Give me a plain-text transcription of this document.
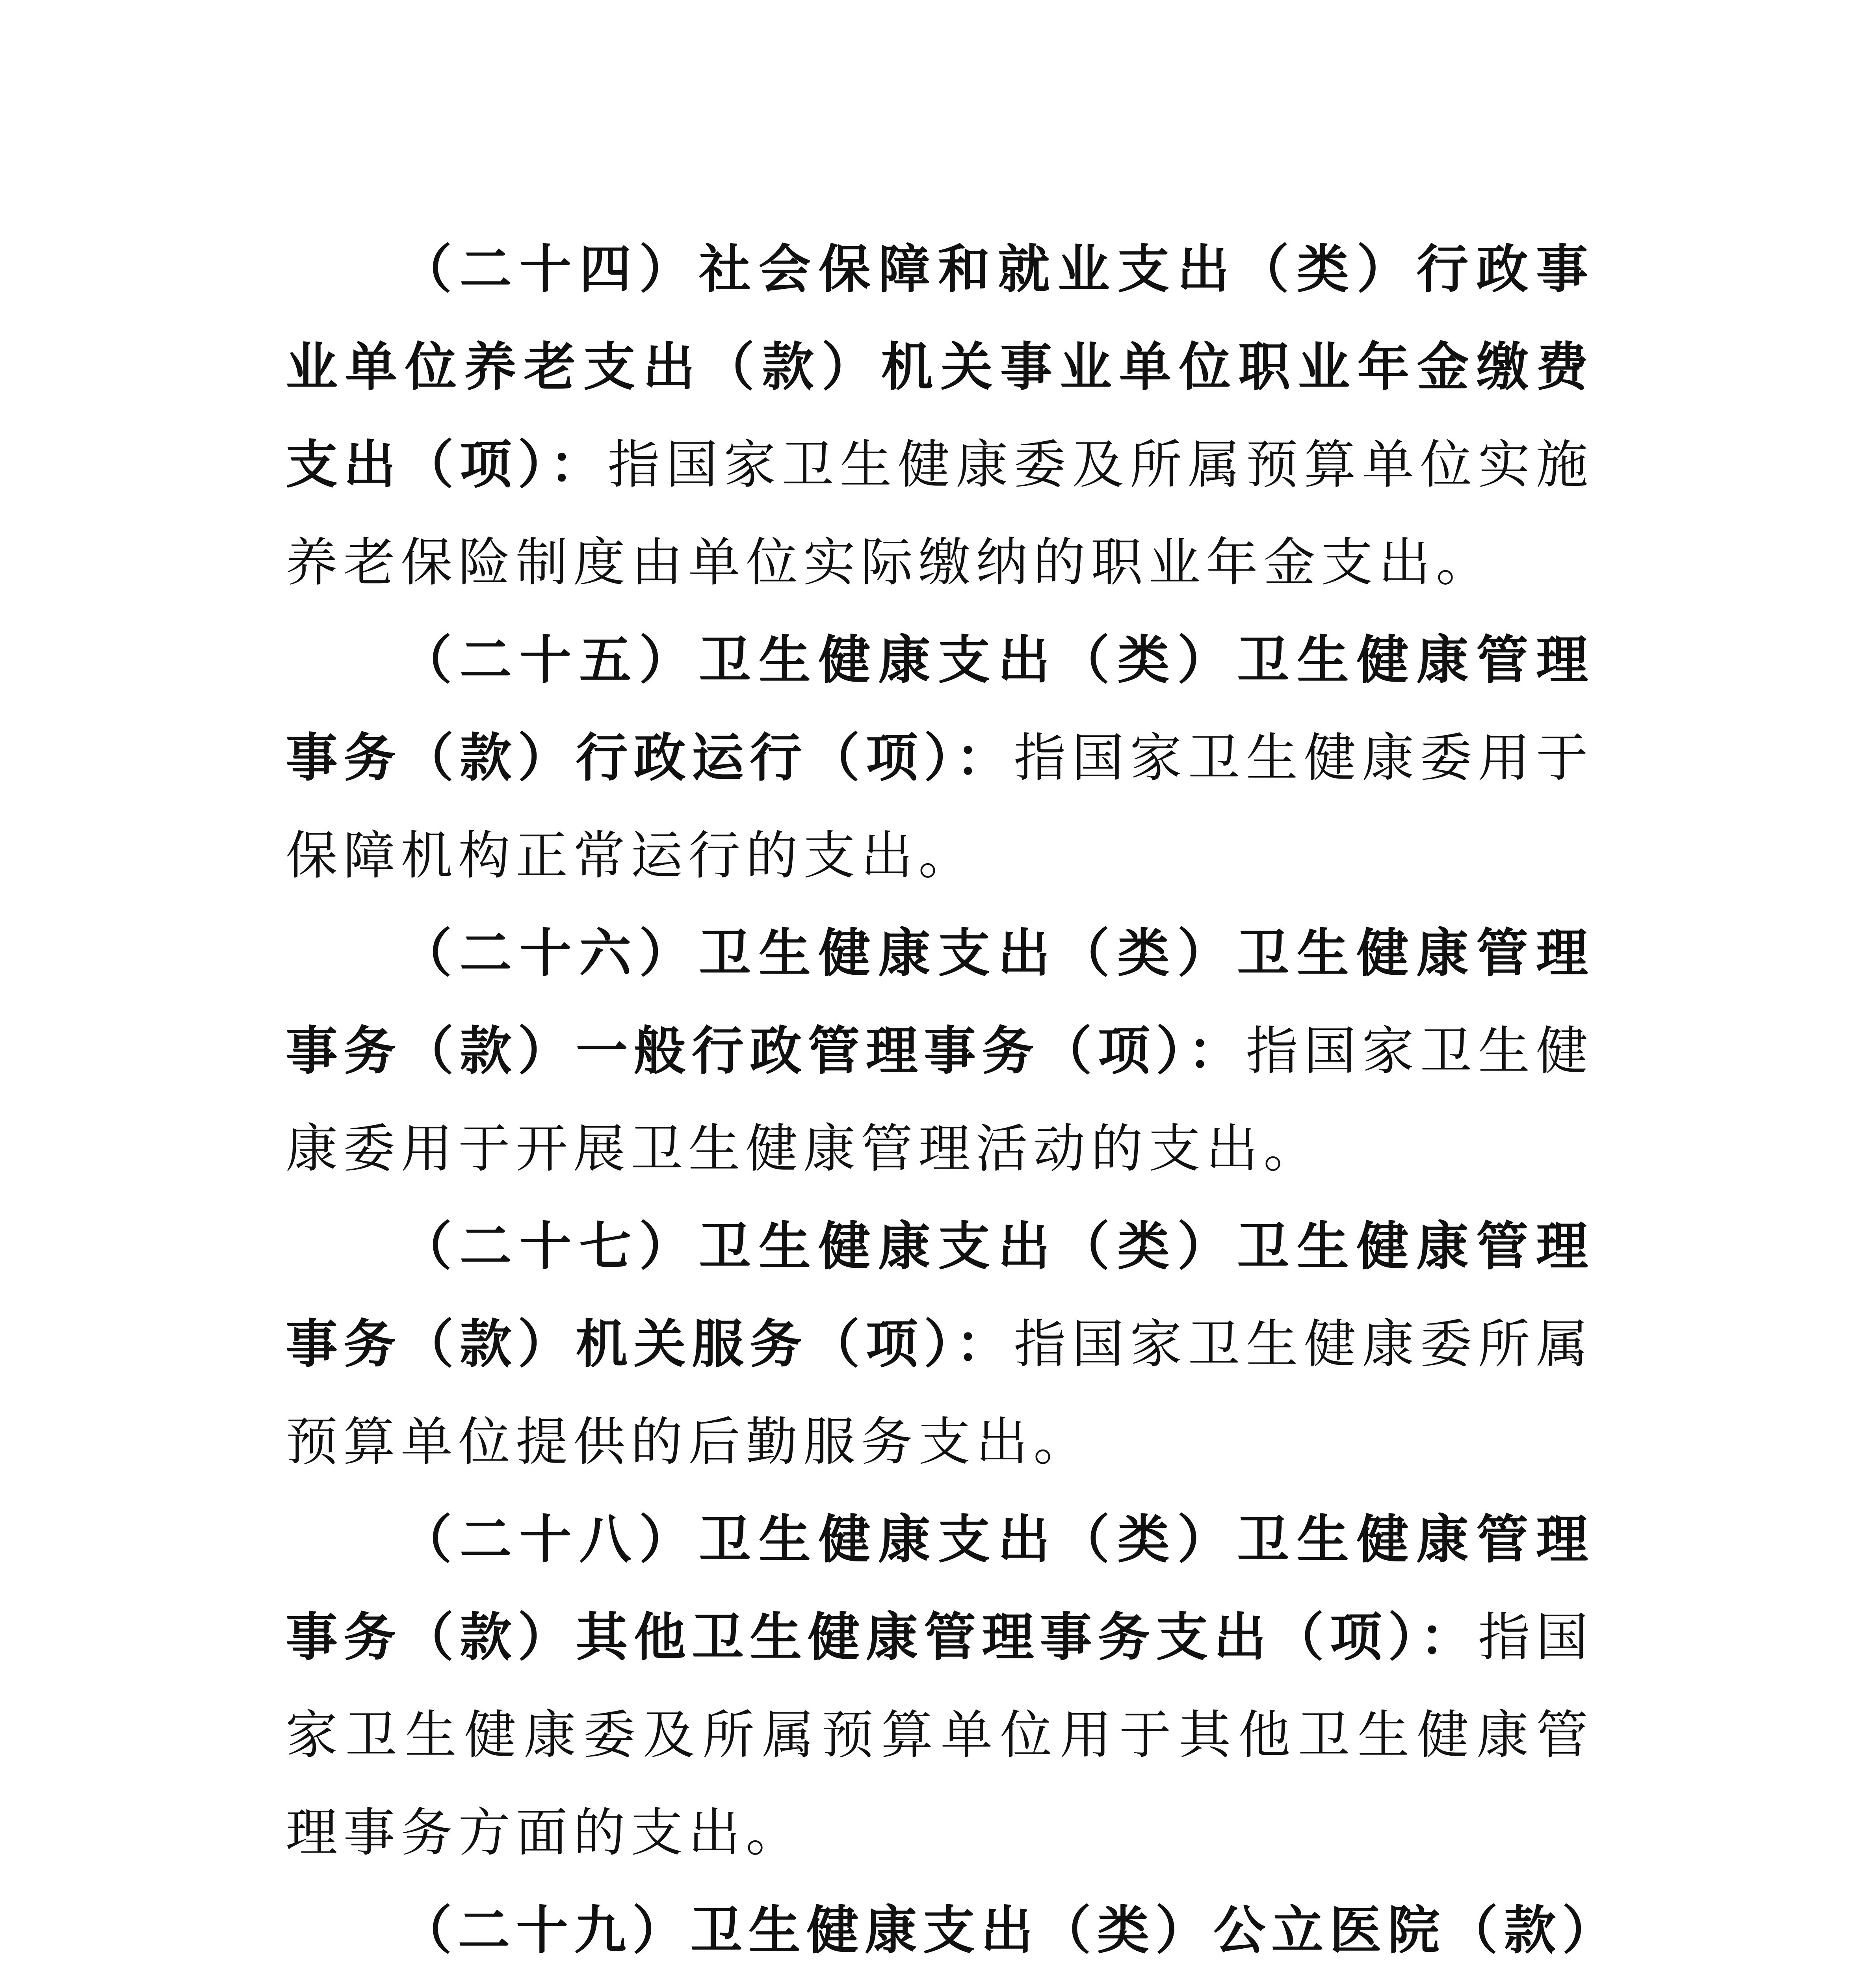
（二十四）社会保障和就业支出（类）行政事业单位养老支出（款）机关事业单位职业年金缴费支出（项）：指国家卫生健康委及所属预算单位实施养老保险制度由单位实际缴纳的职业年金支出。

（二十五）卫生健康支出（类）卫生健康管理事务（款）行政运行（项）：指国家卫生健康委用于保障机构正常运行的支出。

（二十六）卫生健康支出（类）卫生健康管理事务（款）一般行政管理事务（项）：指国家卫生健康委用于开展卫生健康管理活动的支出。

（二十七）卫生健康支出（类）卫生健康管理事务（款）机关服务（项）：指国家卫生健康委所属预算单位提供的后勤服务支出。

（二十八）卫生健康支出（类）卫生健康管理事务（款）其他卫生健康管理事务支出（项）：指国家卫生健康委及所属预算单位用于其他卫生健康管理事务方面的支出。

（二十九）卫生健康支出（类）公立医院（款）
